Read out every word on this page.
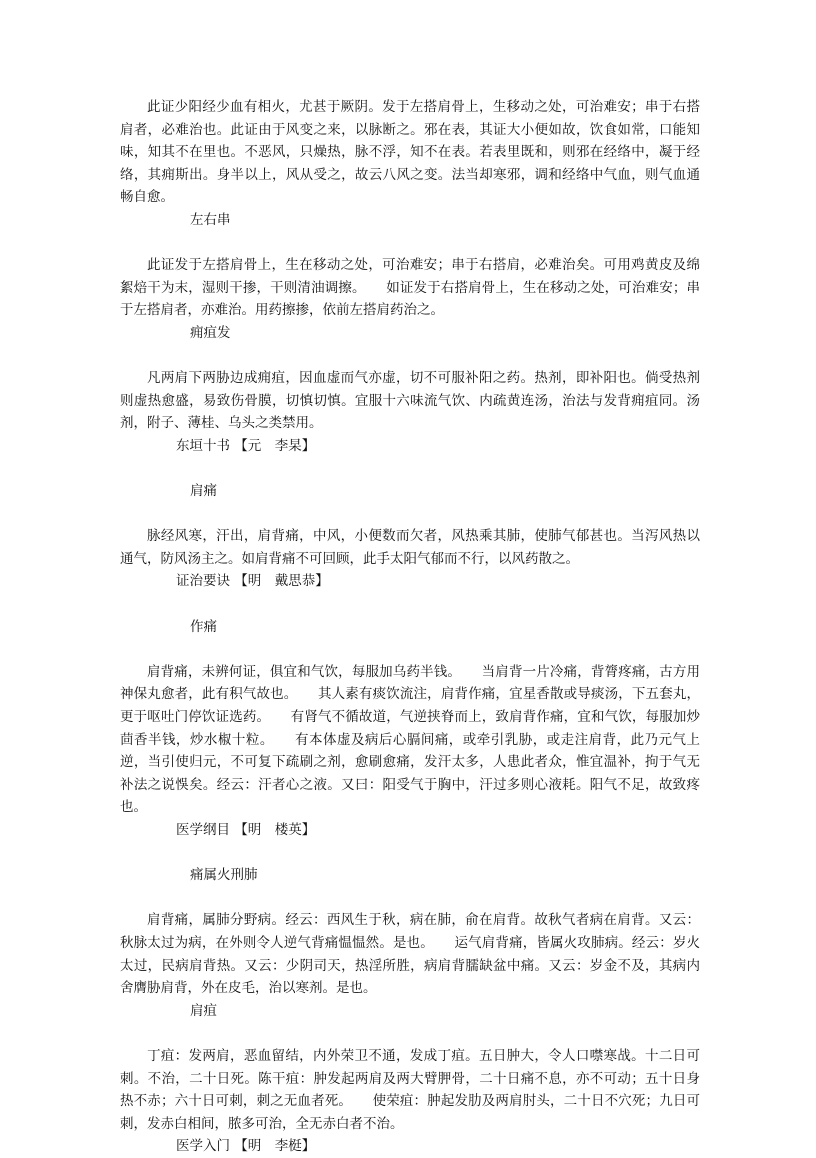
此证少阳经少血有相火，尤甚于厥阴。发于左搭肩骨上，生移动之处，可治难安；串于右搭肩者，必难治也。此证由于风变之来，以脉断之。邪在表，其证大小便如故，饮食如常，口能知味，知其不在里也。不恶风，只燥热，脉不浮，知不在表。若表里既和，则邪在经络中，凝于经络，其痈斯出。身半以上，风从受之，故云八风之变。法当却寒邪，调和经络中气血，则气血通畅自愈。

左右串

此证发于左搭肩骨上，生在移动之处，可治难安；串于右搭肩，必难治矣。可用鸡黄皮及绵絮焙干为末，湿则干掺，干则清油调擦。　　如证发于右搭肩骨上，生在移动之处，可治难安；串于左搭肩者，亦难治。用药擦掺，依前左搭肩药治之。

痈疽发

凡两肩下两胁边成痈疽，因血虚而气亦虚，切不可服补阳之药。热剂，即补阳也。倘受热剂则虚热愈盛，易致伤骨膜，切慎切慎。宜服十六味流气饮、内疏黄连汤，治法与发背痈疽同。汤剂，附子、薄桂、乌头之类禁用。

东垣十书 【元　李杲】
肩痛

脉经风寒，汗出，肩背痛，中风，小便数而欠者，风热乘其肺，使肺气郁甚也。当泻风热以通气，防风汤主之。如肩背痛不可回顾，此手太阳气郁而不行，以风药散之。

证治要诀 【明　戴思恭】
作痛

肩背痛，未辨何证，俱宜和气饮，每服加乌药半钱。　　当肩背一片冷痛，背膂疼痛，古方用神保丸愈者，此有积气故也。　　其人素有痰饮流注，肩背作痛，宜星香散或导痰汤，下五套丸，更于呕吐门停饮证选药。　　有肾气不循故道，气逆挟脊而上，致肩背作痛，宜和气饮，每服加炒茴香半钱，炒水椒十粒。　　有本体虚及病后心膈间痛，或牵引乳胁，或走注肩背，此乃元气上逆，当引使归元，不可复下疏刷之剂，愈刷愈痛，发汗太多，人患此者众，惟宜温补，拘于气无补法之说悞矣。经云：汗者心之液。又曰：阳受气于胸中，汗过多则心液耗。阳气不足，故致疼也。

医学纲目 【明　楼英】
痛属火刑肺

肩背痛，属肺分野病。经云：西风生于秋，病在肺，俞在肩背。故秋气者病在肩背。又云：秋脉太过为病，在外则令人逆气背痛愠愠然。是也。　　运气肩背痛，皆属火攻肺病。经云：岁火太过，民病肩背热。又云：少阴司天，热淫所胜，病肩背臑缺盆中痛。又云：岁金不及，其病内舍膺胁肩背，外在皮毛，治以寒剂。是也。

肩疽

丁疽：发两肩，恶血留结，内外荣卫不通，发成丁疽。五日肿大，令人口噤寒战。十二日可刺。不治，二十日死。陈干疽：肿发起两肩及两大臂胛骨，二十日痛不息，亦不可动；五十日身热不赤；六十日可刺，刺之无血者死。　　使荣疽：肿起发肋及两肩肘头，二十日不穴死；九日可刺，发赤白相间，脓多可治，全无赤白者不治。

医学入门 【明　李梃】
